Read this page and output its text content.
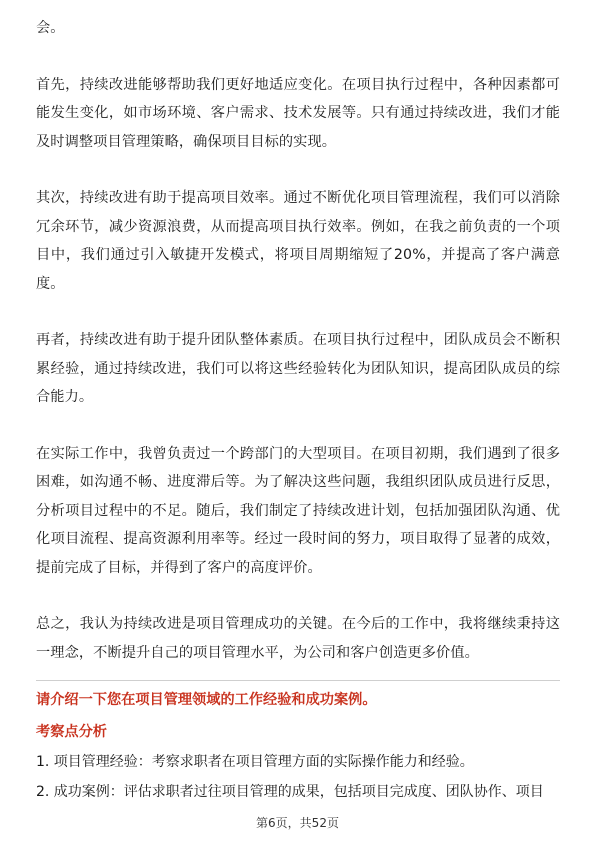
会。

首先，持续改进能够帮助我们更好地适应变化。在项目执行过程中，各种因素都可能发生变化，如市场环境、客户需求、技术发展等。只有通过持续改进，我们才能及时调整项目管理策略，确保项目目标的实现。

其次，持续改进有助于提高项目效率。通过不断优化项目管理流程，我们可以消除冗余环节，减少资源浪费，从而提高项目执行效率。例如，在我之前负责的一个项目中，我们通过引入敏捷开发模式，将项目周期缩短了20%，并提高了客户满意度。

再者，持续改进有助于提升团队整体素质。在项目执行过程中，团队成员会不断积累经验，通过持续改进，我们可以将这些经验转化为团队知识，提高团队成员的综合能力。

在实际工作中，我曾负责过一个跨部门的大型项目。在项目初期，我们遇到了很多困难，如沟通不畅、进度滞后等。为了解决这些问题，我组织团队成员进行反思，分析项目过程中的不足。随后，我们制定了持续改进计划，包括加强团队沟通、优化项目流程、提高资源利用率等。经过一段时间的努力，项目取得了显著的成效，提前完成了目标，并得到了客户的高度评价。

总之，我认为持续改进是项目管理成功的关键。在今后的工作中，我将继续秉持这一理念，不断提升自己的项目管理水平，为公司和客户创造更多价值。

请介绍一下您在项目管理领域的工作经验和成功案例。

考察点分析

1. 项目管理经验：考察求职者在项目管理方面的实际操作能力和经验。

2. 成功案例：评估求职者过往项目管理的成果，包括项目完成度、团队协作、项目

第6页，共52页
